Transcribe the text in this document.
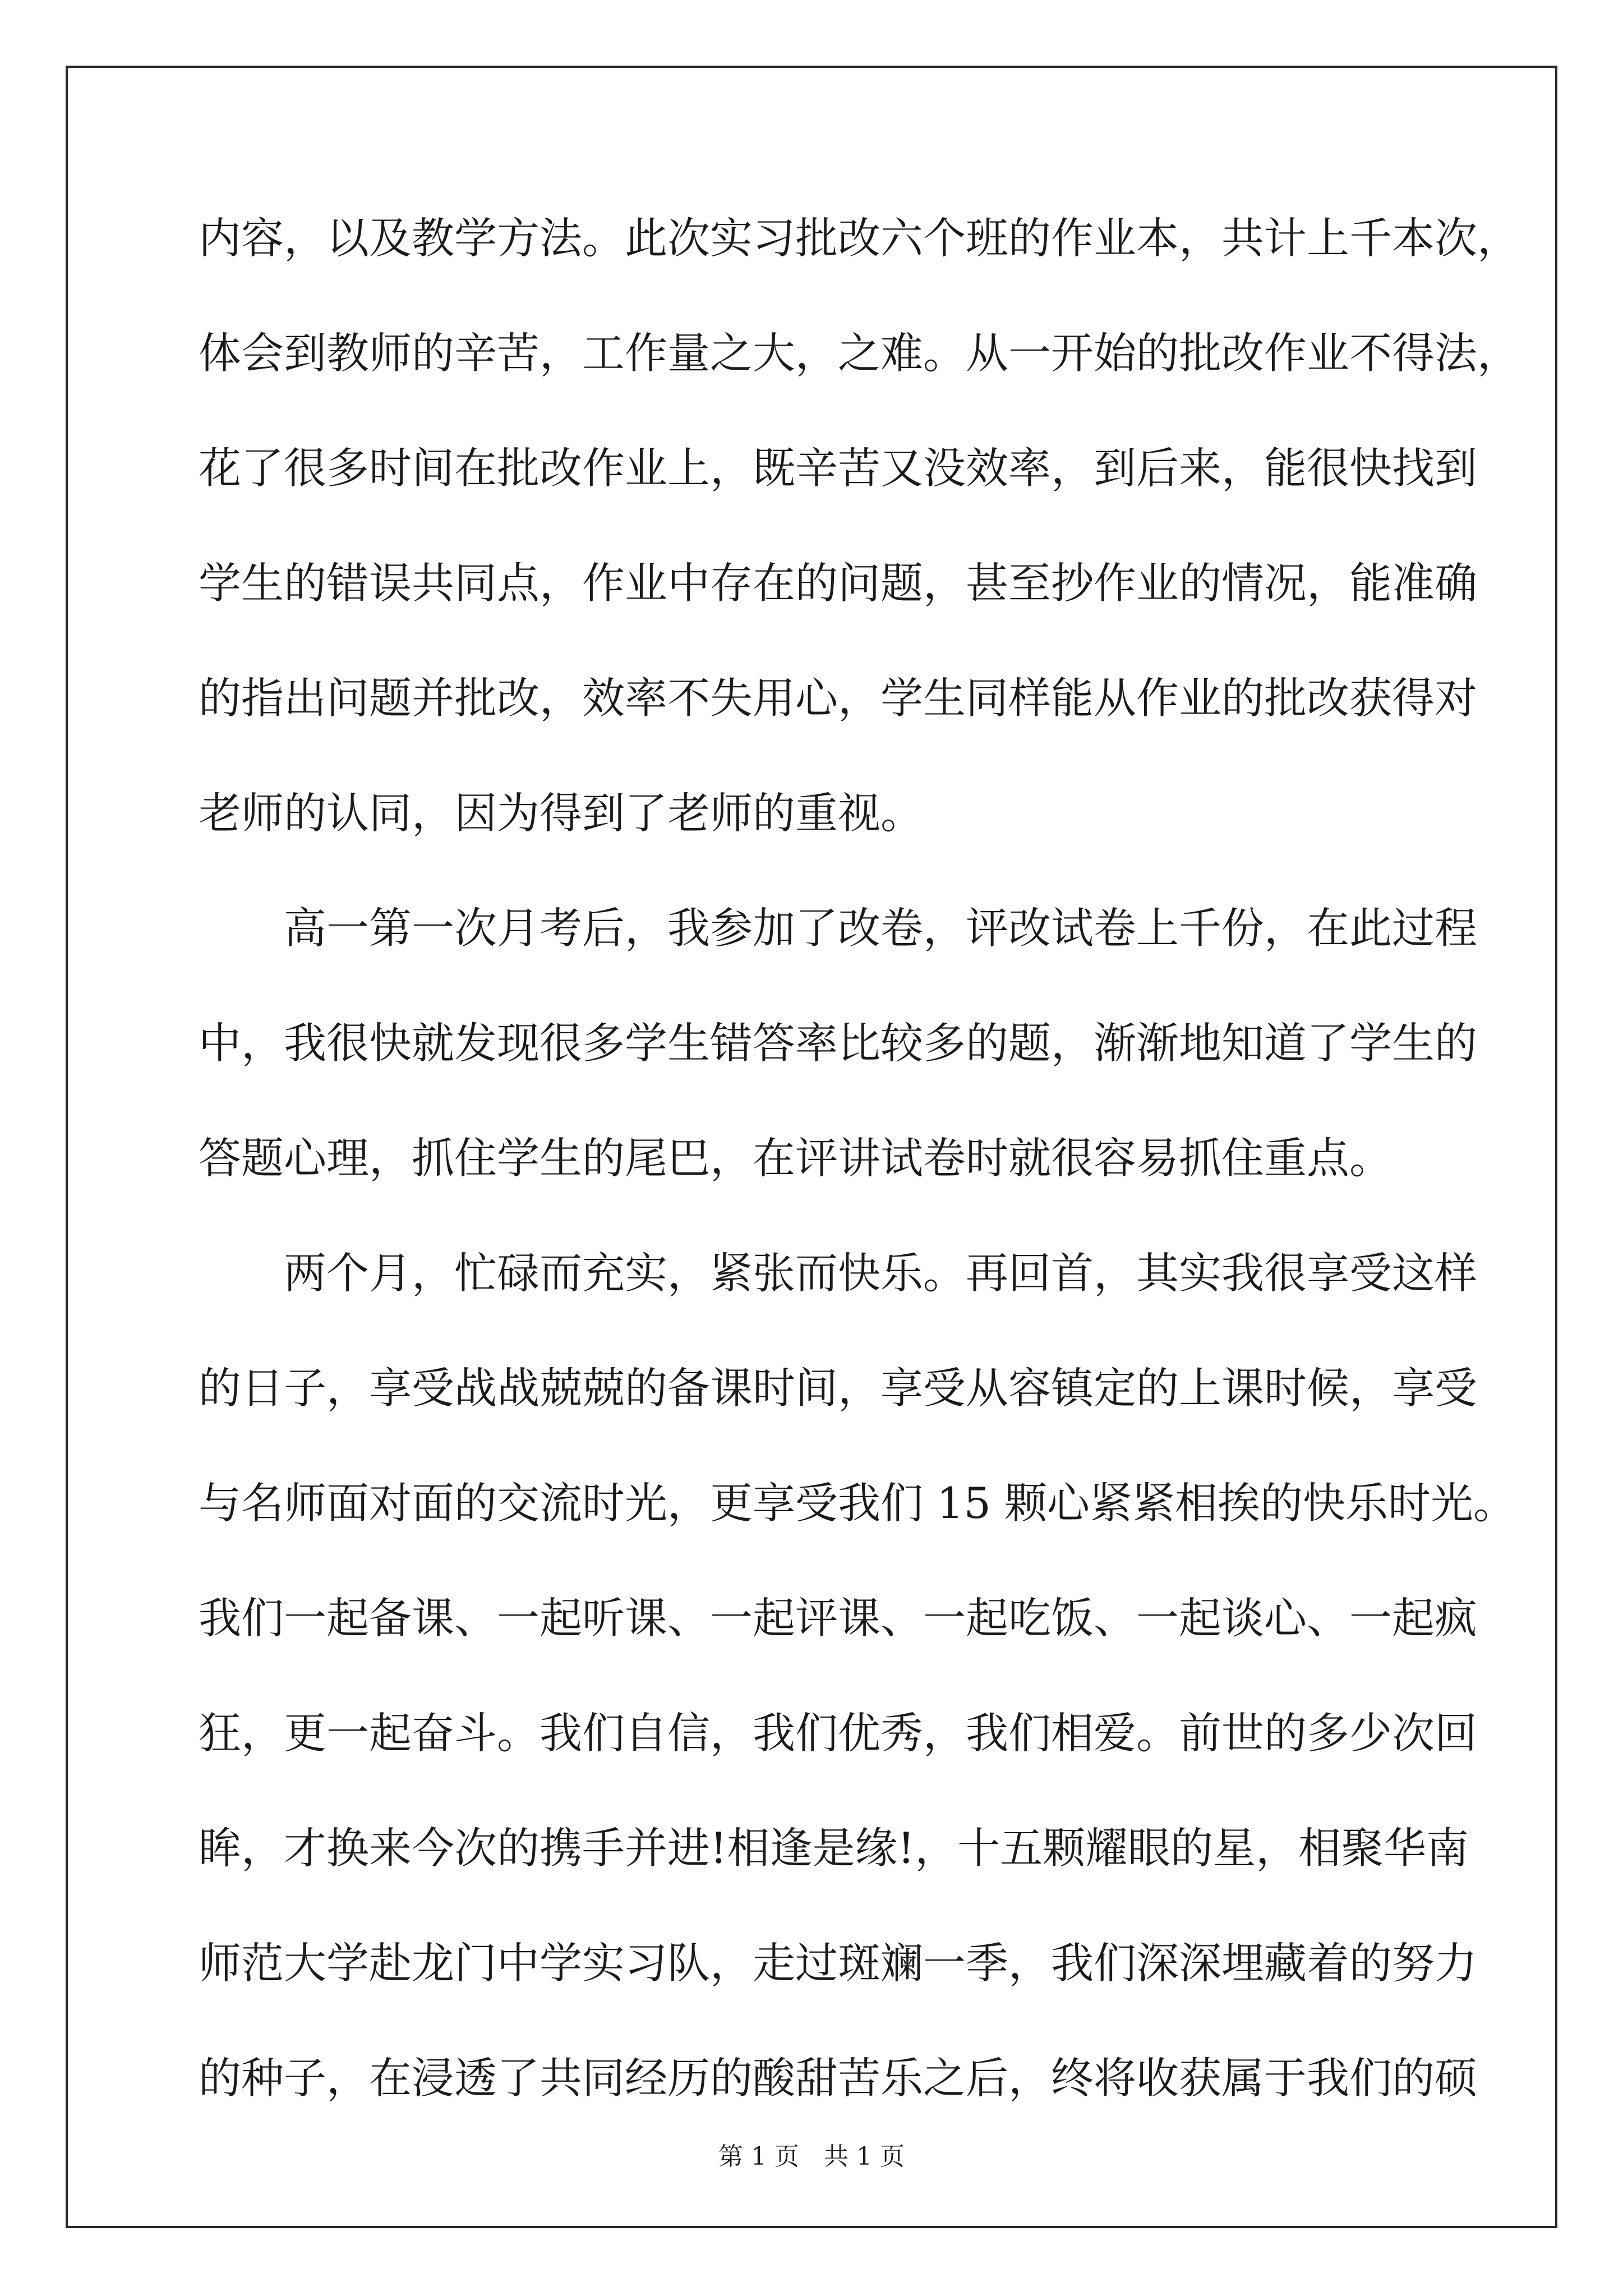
内容，以及教学方法。此次实习批改六个班的作业本，共计上千本次，
体会到教师的辛苦，工作量之大，之难。从一开始的批改作业不得法，
花了很多时间在批改作业上，既辛苦又没效率，到后来，能很快找到
学生的错误共同点，作业中存在的问题，甚至抄作业的情况，能准确
的指出问题并批改，效率不失用心，学生同样能从作业的批改获得对
老师的认同，因为得到了老师的重视。
高一第一次月考后，我参加了改卷，评改试卷上千份，在此过程
中，我很快就发现很多学生错答率比较多的题，渐渐地知道了学生的
答题心理，抓住学生的尾巴，在评讲试卷时就很容易抓住重点。
两个月，忙碌而充实，紧张而快乐。再回首，其实我很享受这样
的日子，享受战战兢兢的备课时间，享受从容镇定的上课时候，享受
与名师面对面的交流时光，更享受我们 15 颗心紧紧相挨的快乐时光。
我们一起备课、一起听课、一起评课、一起吃饭、一起谈心、一起疯
狂，更一起奋斗。我们自信，我们优秀，我们相爱。前世的多少次回
眸，才换来今次的携手并进!相逢是缘!，十五颗耀眼的星，相聚华南
师范大学赴龙门中学实习队，走过斑斓一季，我们深深埋藏着的努力
的种子，在浸透了共同经历的酸甜苦乐之后，终将收获属于我们的硕
第 1 页　共 1 页
